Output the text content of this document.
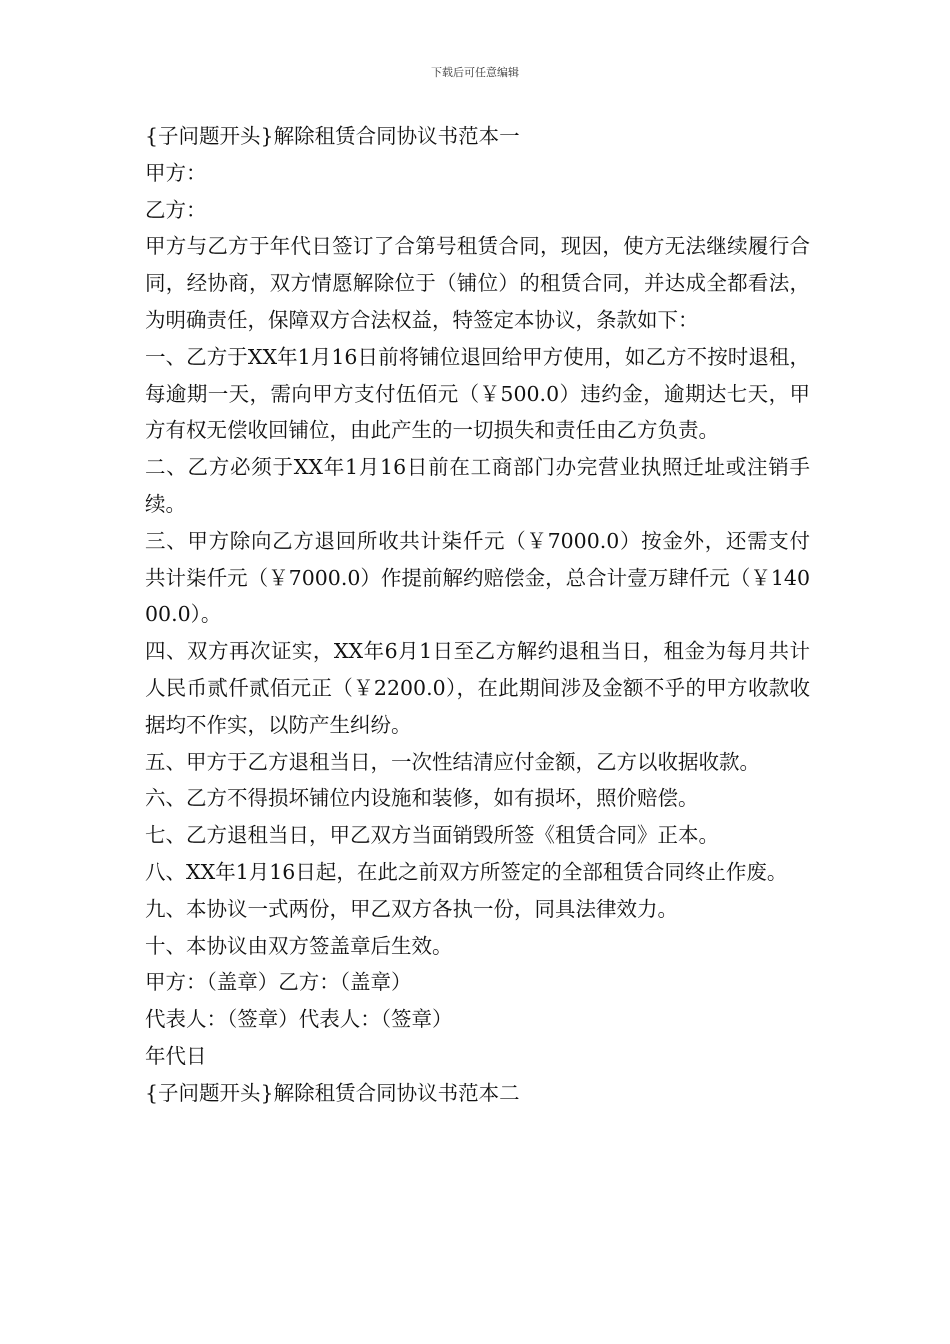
下载后可任意编辑

{子问题开头}解除租赁合同协议书范本一

甲方：

乙方：

甲方与乙方于年代日签订了合第号租赁合同，现因，使方无法继续履行合同，经协商，双方情愿解除位于（铺位）的租赁合同，并达成全都看法，为明确责任，保障双方合法权益，特签定本协议，条款如下：

一、乙方于XX年1月16日前将铺位退回给甲方使用，如乙方不按时退租，每逾期一天，需向甲方支付伍佰元（￥500.0）违约金，逾期达七天，甲方有权无偿收回铺位，由此产生的一切损失和责任由乙方负责。

二、乙方必须于XX年1月16日前在工商部门办完营业执照迁址或注销手续。

三、甲方除向乙方退回所收共计柒仟元（￥7000.0）按金外，还需支付共计柒仟元（￥7000.0）作提前解约赔偿金，总合计壹万肆仟元（￥14000.0）。

四、双方再次证实，XX年6月1日至乙方解约退租当日，租金为每月共计人民币贰仟贰佰元正（￥2200.0），在此期间涉及金额不乎的甲方收款收据均不作实，以防产生纠纷。

五、甲方于乙方退租当日，一次性结清应付金额，乙方以收据收款。

六、乙方不得损坏铺位内设施和装修，如有损坏，照价赔偿。

七、乙方退租当日，甲乙双方当面销毁所签《租赁合同》正本。

八、XX年1月16日起，在此之前双方所签定的全部租赁合同终止作废。

九、本协议一式两份，甲乙双方各执一份，同具法律效力。

十、本协议由双方签盖章后生效。

甲方：（盖章）乙方：（盖章）

代表人：（签章）代表人：（签章）

年代日

{子问题开头}解除租赁合同协议书范本二
